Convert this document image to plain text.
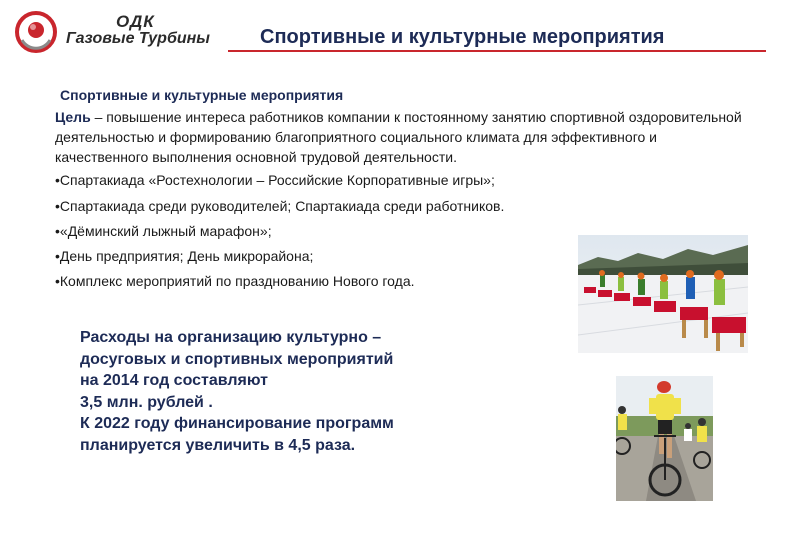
ОДК
Газовые Турбины	Спортивные и культурные мероприятия
Спортивные и культурные мероприятия
Цель – повышение интереса работников компании к постоянному занятию спортивной оздоровительной деятельностью и формированию благоприятного социального климата для эффективного и качественного выполнения основной трудовой деятельности.
•Спартакиада «Ростехнологии – Российские Корпоративные игры»;
•Спартакиада среди руководителей; Спартакиада среди работников.
•«Дёминский лыжный марафон»;
•День предприятия; День микрорайона;
•Комплекс мероприятий по празднованию Нового года.
Расходы на организацию культурно –
досуговых и спортивных мероприятий
на 2014 год составляют
3,5 млн. рублей .
К 2022 году финансирование программ
планируется увеличить в 4,5 раза.
